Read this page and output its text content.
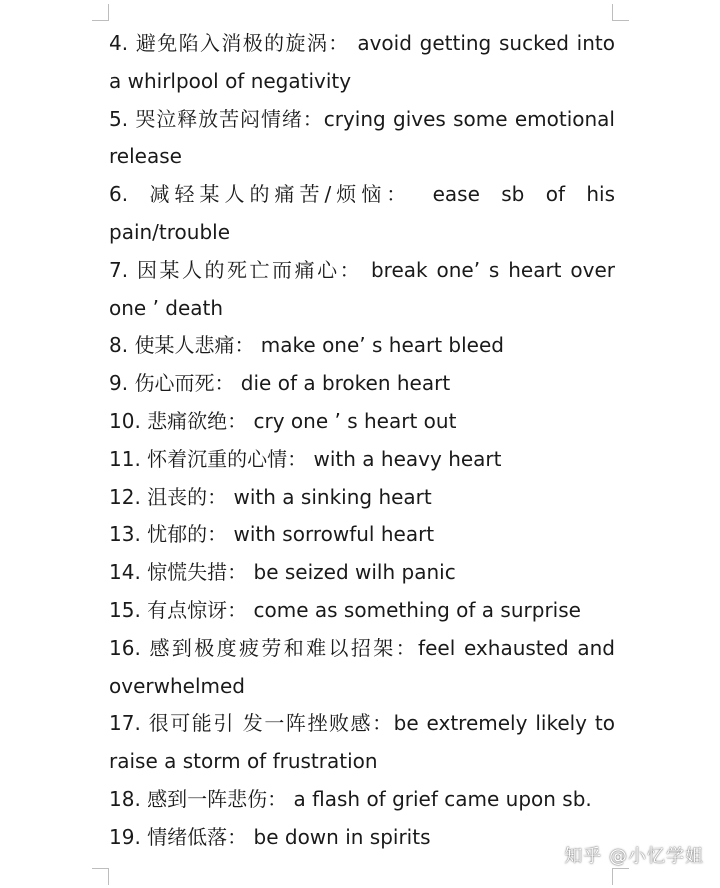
4. 避免陷入消极的旋涡： avoid getting sucked into
a whirlpool of negativity
5. 哭泣释放苦闷情绪：crying gives some emotional
release
6. 减轻某人的痛苦/烦恼： ease sb of his
pain/trouble
7. 因某人的死亡而痛心： break one’ s heart over
one ’ death
8. 使某人悲痛： make one’ s heart bleed
9. 伤心而死： die of a broken heart
10. 悲痛欲绝： cry one ’ s heart out
11. 怀着沉重的心情： with a heavy heart
12. 沮丧的： with a sinking heart
13. 忧郁的： with sorrowful heart
14. 惊慌失措： be seized wilh panic
15. 有点惊讶： come as something of a surprise
16. 感到极度疲劳和难以招架：feel exhausted and
overwhelmed
17. 很可能引 发一阵挫败感：be extremely likely to
raise a storm of frustration
18. 感到一阵悲伤： a flash of grief came upon sb.
19. 情绪低落： be down in spirits
知乎 @小忆学姐
